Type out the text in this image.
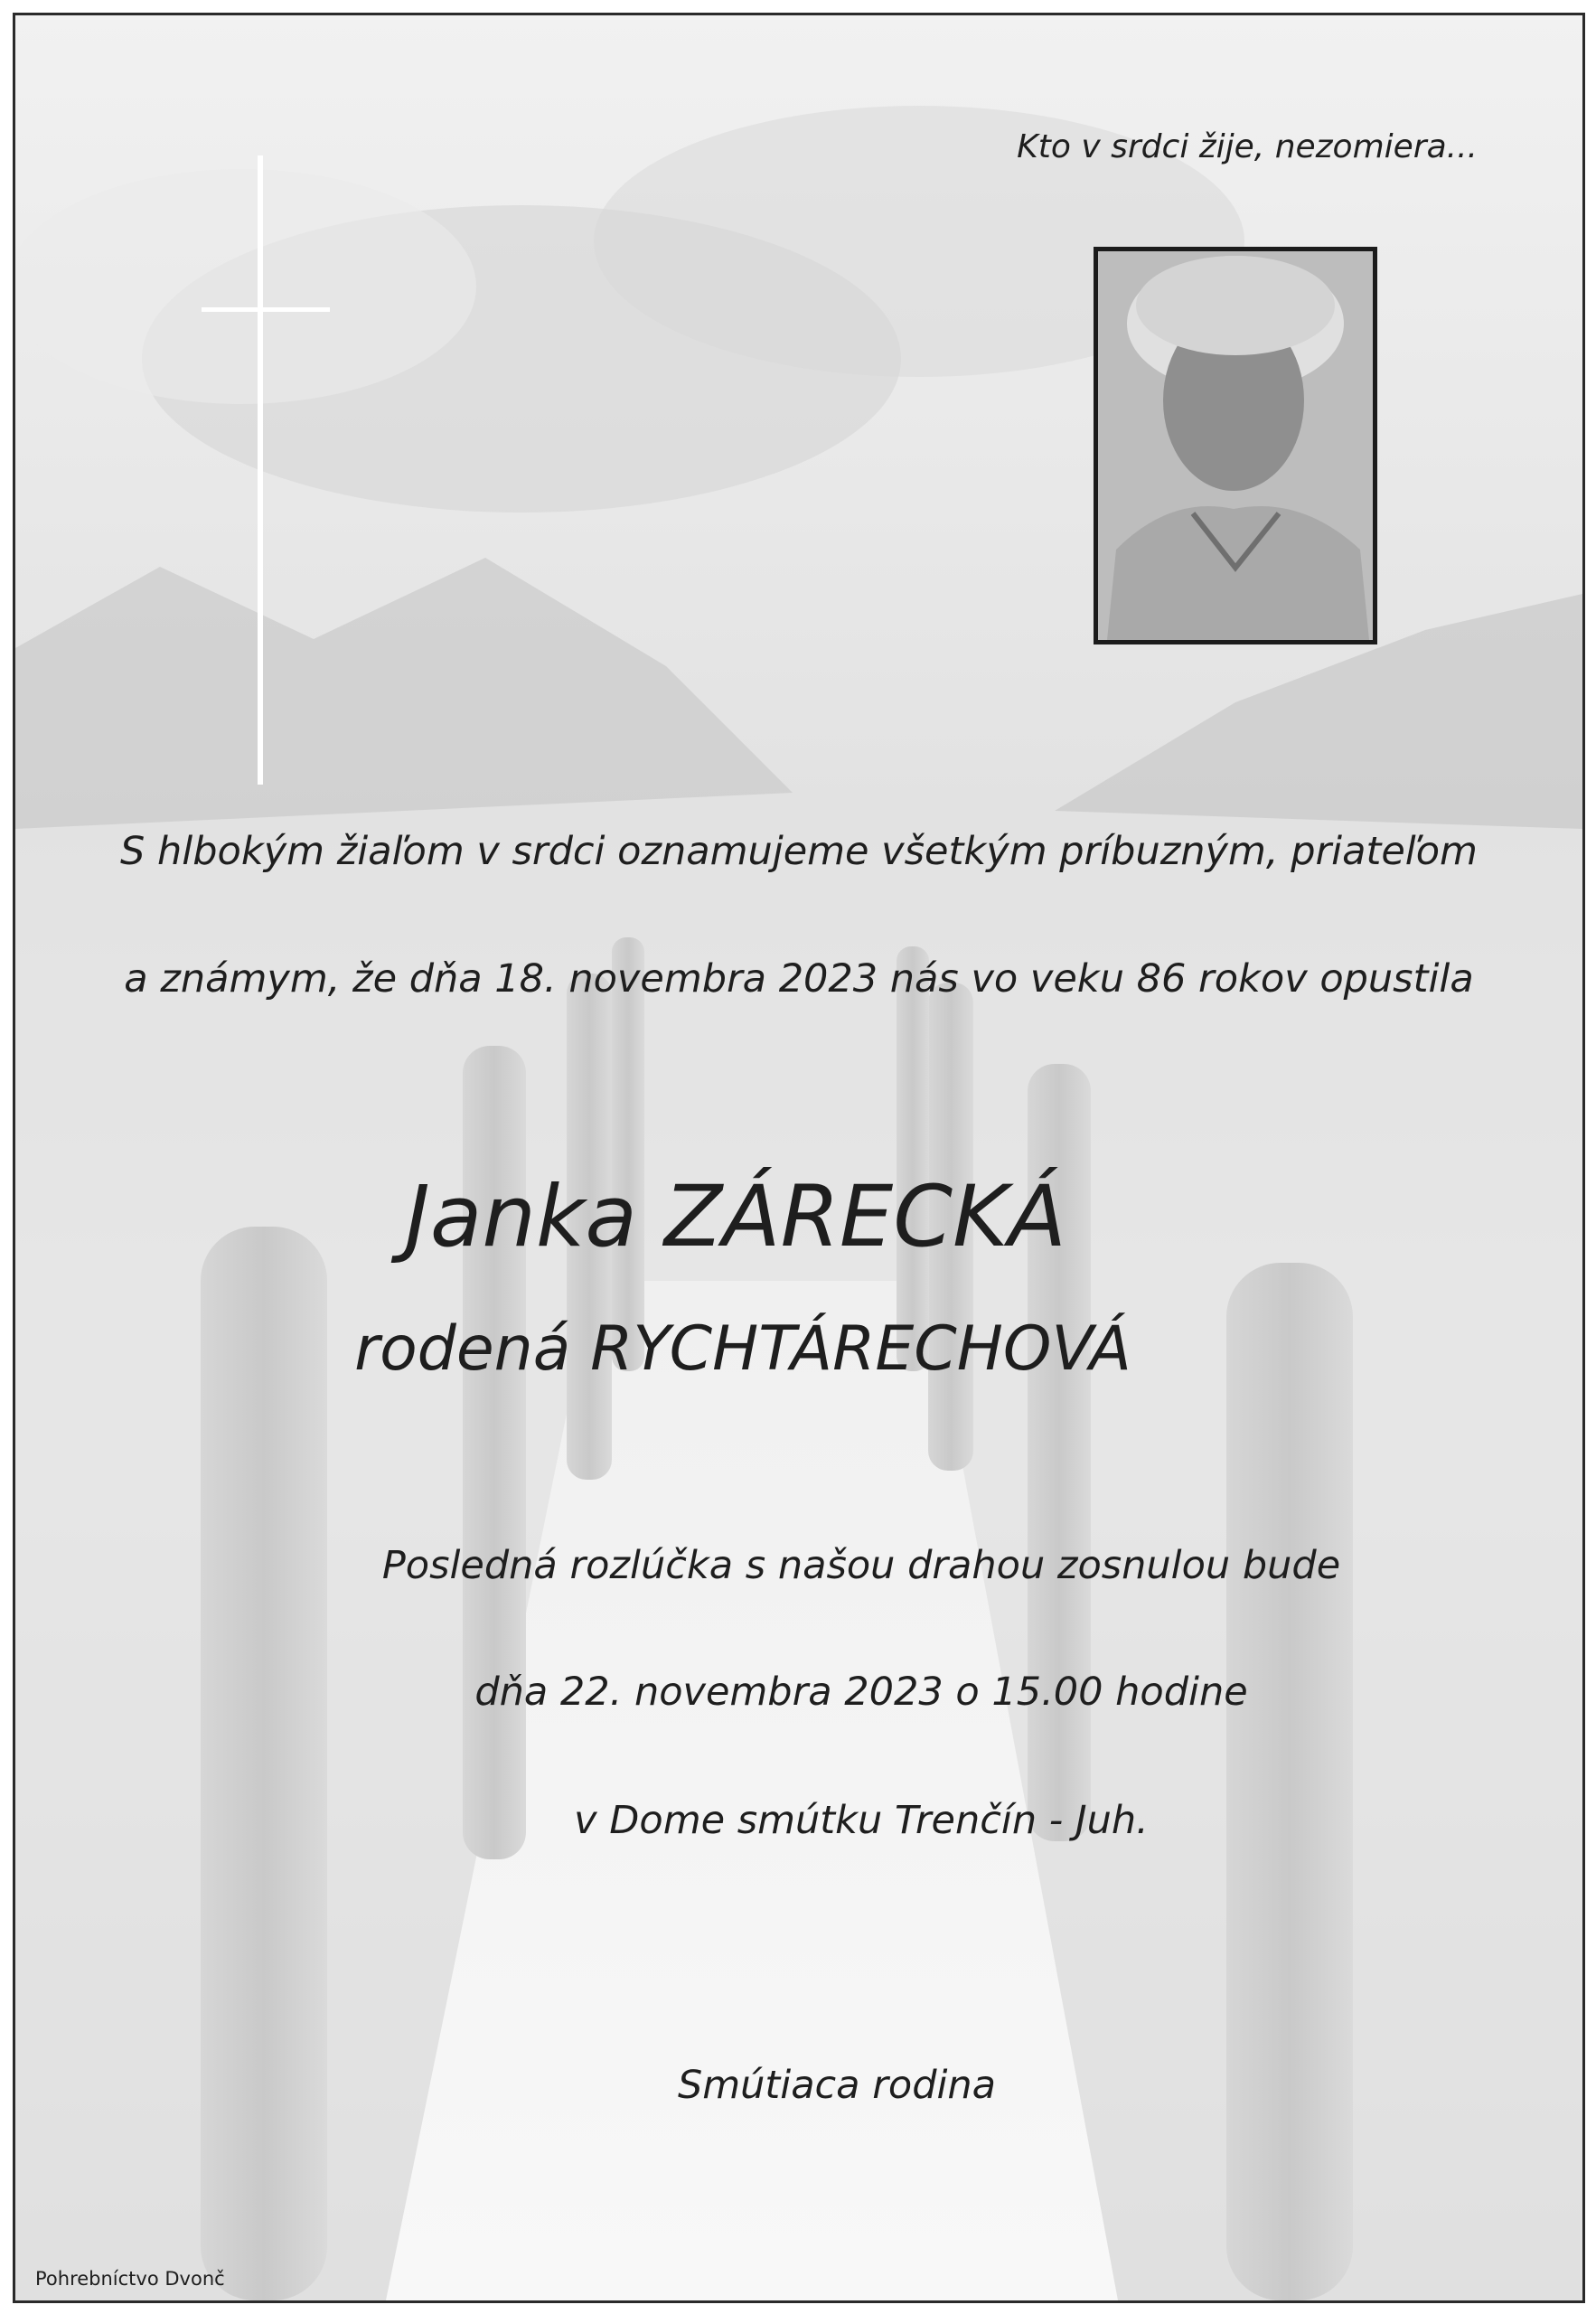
Kto v srdci žije, nezomiera...
S hlbokým žiaľom v srdci oznamujeme všetkým príbuzným, priateľom
a známym, že dňa 18. novembra 2023 nás vo veku 86 rokov opustila
Janka ZÁRECKÁ
rodená RYCHTÁRECHOVÁ
Posledná rozlúčka s našou drahou zosnulou bude
dňa 22. novembra 2023 o 15.00 hodine
v Dome smútku Trenčín - Juh.
Smútiaca rodina
Pohrebníctvo Dvonč
